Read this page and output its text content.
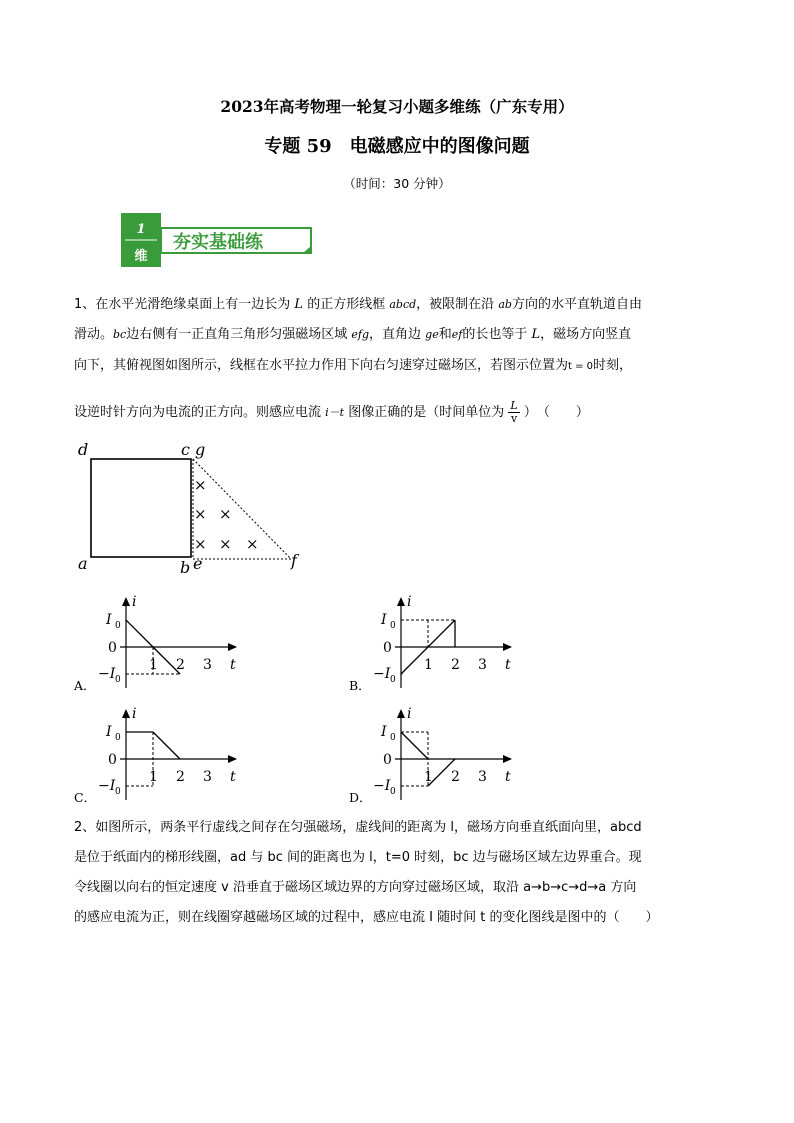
2023年高考物理一轮复习小题多维练（广东专用）
专题 59　电磁感应中的图像问题
（时间：30 分钟）
1
维
夯实基础练
1、在水平光滑绝缘桌面上有一边长为 L 的正方形线框 abcd，被限制在沿 ab方向的水平直轨道自由
滑动。bc边右侧有一正直角三角形匀强磁场区域 efg，直角边 ge和ef的长也等于 L，磁场方向竖直
向下，其俯视图如图所示，线框在水平拉力作用下向右匀速穿过磁场区，若图示位置为t = 0时刻，
设逆时针方向为电流的正方向。则感应电流 i－t 图像正确的是（时间单位为 $\frac{L}{v}$ ）　（　　）
d	c g
a	b e	f
×
× ×
× × ×
i
t
I 0
0
−I 0
1 2 3
A．
i
t
I 0
0
−I 0
1 2 3
B．
i
t
I 0
0
−I 0
1 2 3
C．
i
t
I 0
0
−I 0
1 2 3
D．
2、如图所示，两条平行虚线之间存在匀强磁场，虚线间的距离为 l，磁场方向垂直纸面向里，abcd
是位于纸面内的梯形线圈，ad 与 bc 间的距离也为 l，t=0 时刻，bc 边与磁场区域左边界重合。现
令线圈以向右的恒定速度 v 沿垂直于磁场区域边界的方向穿过磁场区域，取沿 a→b→c→d→a 方向
的感应电流为正，则在线圈穿越磁场区域的过程中，感应电流 I 随时间 t 的变化图线是图中的（　　）
